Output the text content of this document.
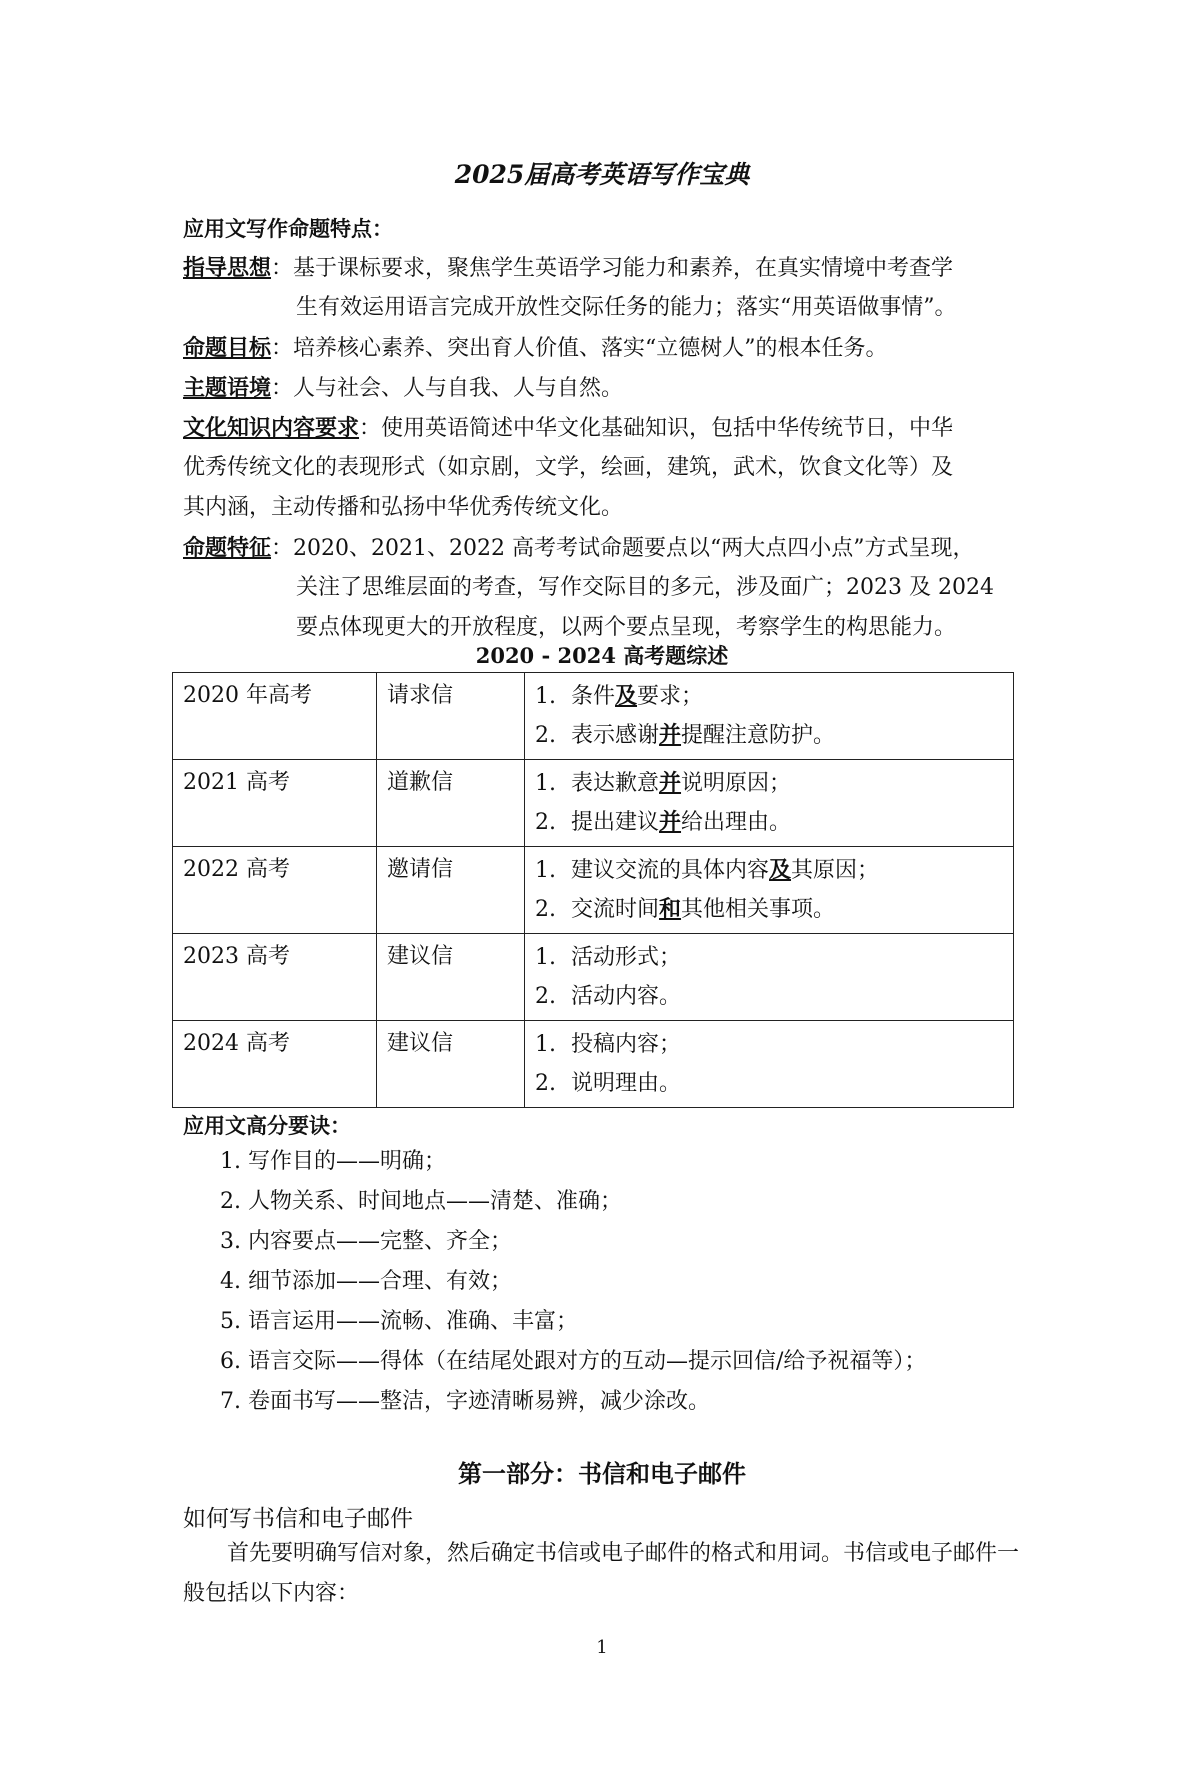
2025届高考英语写作宝典
应用文写作命题特点：
指导思想：基于课标要求，聚焦学生英语学习能力和素养，在真实情境中考查学
生有效运用语言完成开放性交际任务的能力；落实“用英语做事情”。
命题目标：培养核心素养、突出育人价值、落实“立德树人”的根本任务。
主题语境：人与社会、人与自我、人与自然。
文化知识内容要求：使用英语简述中华文化基础知识，包括中华传统节日，中华
优秀传统文化的表现形式（如京剧，文学，绘画，建筑，武术，饮食文化等）及
其内涵，主动传播和弘扬中华优秀传统文化。
命题特征：2020、2021、2022 高考考试命题要点以“两大点四小点”方式呈现，
关注了思维层面的考查，写作交际目的多元，涉及面广；2023 及 2024
要点体现更大的开放程度，以两个要点呈现，考察学生的构思能力。
2020 - 2024 高考题综述
2020 年高考	请求信	1. 条件及要求；
2. 表示感谢并提醒注意防护。

2021 高考	道歉信	1. 表达歉意并说明原因；
2. 提出建议并给出理由。

2022 高考	邀请信	1. 建议交流的具体内容及其原因；
2. 交流时间和其他相关事项。

2023 高考	建议信	1. 活动形式；
2. 活动内容。

2024 高考	建议信	1. 投稿内容；
2. 说明理由。
应用文高分要诀：
1. 写作目的——明确；
2. 人物关系、时间地点——清楚、准确；
3. 内容要点——完整、齐全；
4. 细节添加——合理、有效；
5. 语言运用——流畅、准确、丰富；
6. 语言交际——得体（在结尾处跟对方的互动—提示回信/给予祝福等）；
7. 卷面书写——整洁，字迹清晰易辨，减少涂改。
第一部分：书信和电子邮件
如何写书信和电子邮件
首先要明确写信对象，然后确定书信或电子邮件的格式和用词。书信或电子邮件一般包括以下内容：
1
